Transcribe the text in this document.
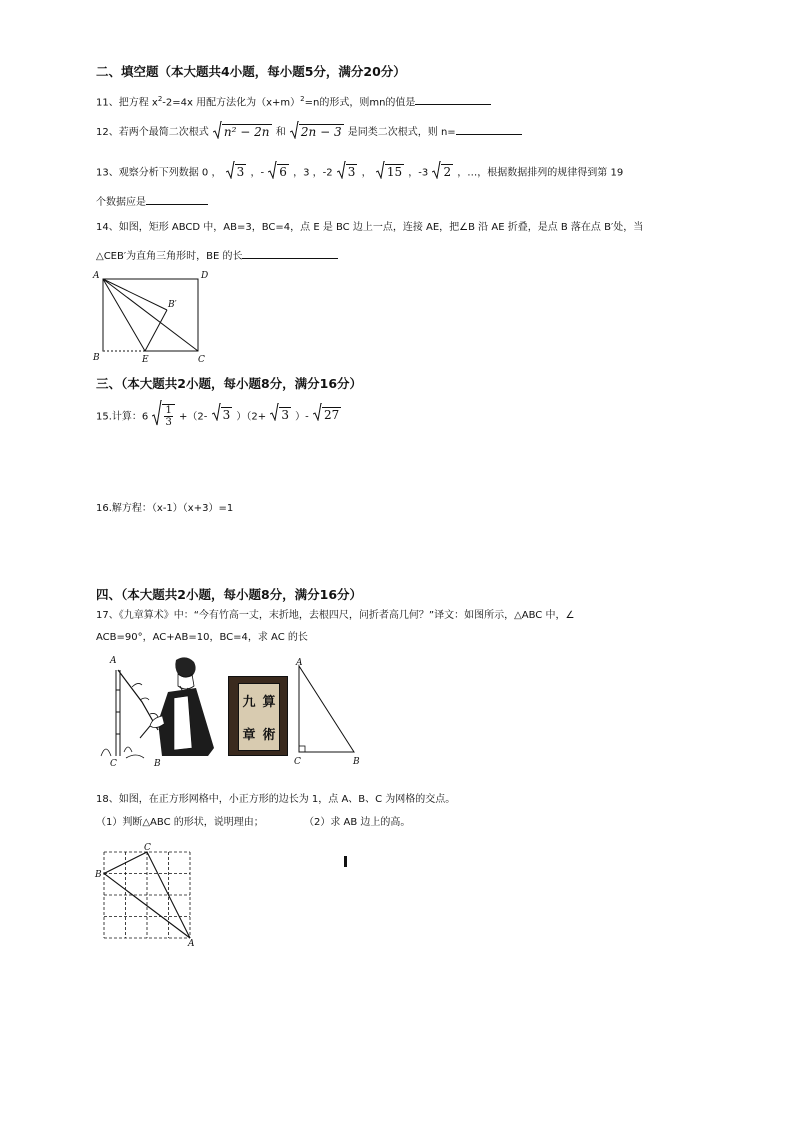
二、填空题（本大题共4小题，每小题5分，满分20分）
11、把方程 $x^2-2=4x$ 用配方法化为$(x+m)^2=n$的形式，则mn的值是
12、若两个最简二次根式 n² − 2n 和 2n − 3 是同类二次根式，则 n=
13、观察分析下列数据 0 ， 3 ，- 6 ，3 ，-2 3 ， 15 ，-3 2 ，…，根据数据排列的规律得到第 19
个数据应是
14、如图，矩形 ABCD 中，AB=3，BC=4，点 E 是 BC 边上一点，连接 AE，把∠B 沿 AE 折叠，是点 B 落在点 B′处，当
△CEB′为直角三角形时，BE 的长
A	D
B′
B	E	C
三、（本大题共2小题，每小题8分，满分16分）
15.计算：$6 \frac{1}{3} +(2-$ 3 ）（2+ 3 ）- 27
16.解方程：（x-1）（x+3）=1
四、（本大题共2小题，每小题8分，满分16分）
17、《九章算术》中：“今有竹高一丈，末折地，去根四尺，问折者高几何？”译文：如图所示，△ABC 中，∠
ACB=90°，AC+AB=10，BC=4，求 AC 的长
A
C	B
九 算
章 術
A
C	B
18、如图，在正方形网格中，小正方形的边长为 1，点 A、B、C 为网格的交点。
（1）判断△ABC 的形状，说明理由；	（2）求 AB 边上的高。
C
B
A
